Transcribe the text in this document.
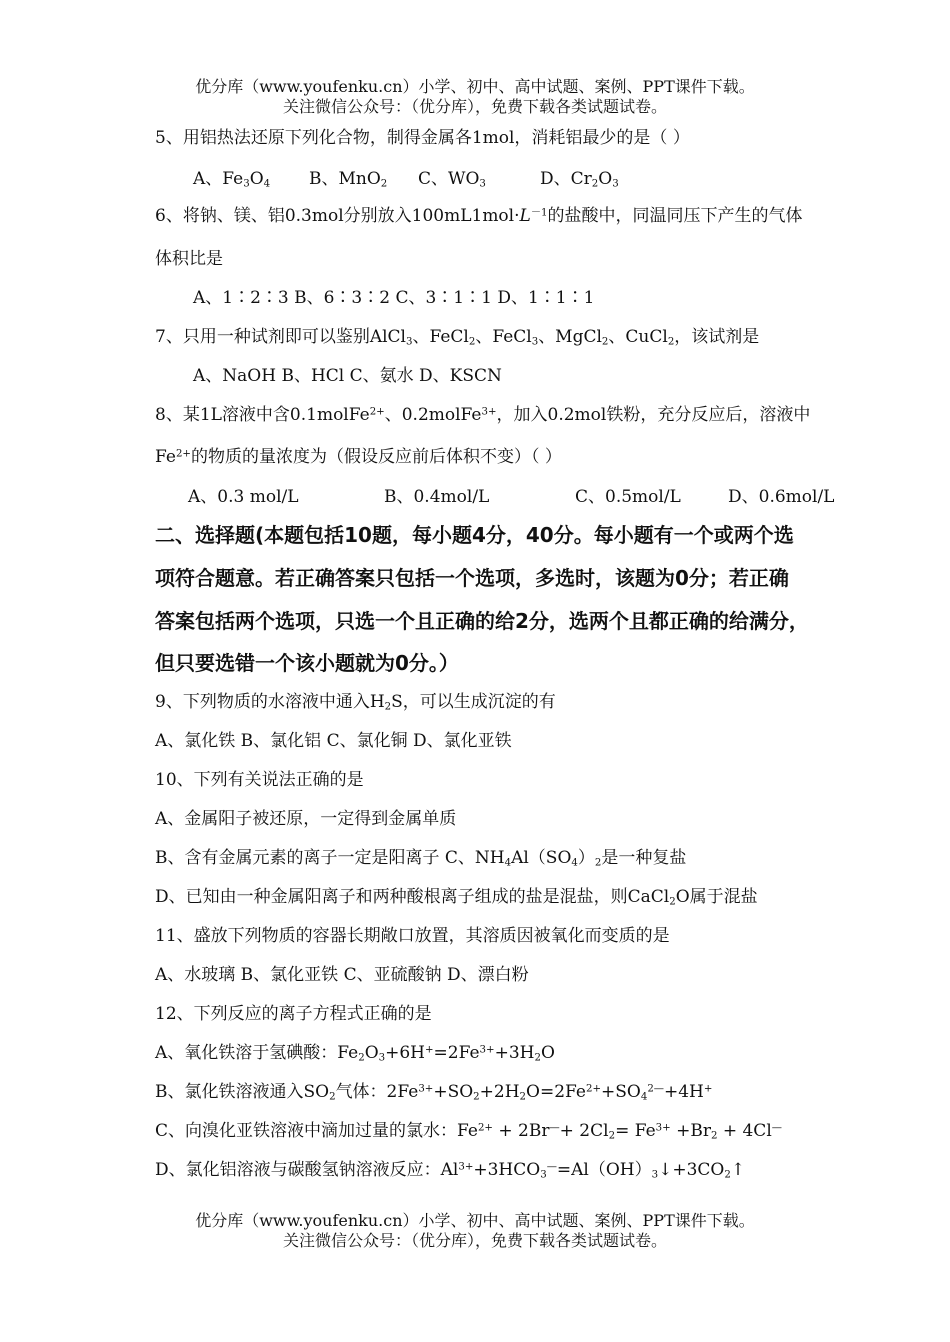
优分库（www.youfenku.cn）小学、初中、高中试题、案例、PPT课件下载。
关注微信公众号：（优分库），免费下载各类试题试卷。
5、用铝热法还原下列化合物，制得金属各1mol，消耗铝最少的是（ ）
A、$Fe_3O_4$ B、MnO$_2$ C、$WO_3$	D、$Cr_2O_3$
6、将钠、镁、铝0.3mol分别放入$100mL1mol\cdot L^{-1}$的盐酸中，同温同压下产生的气体
体积比是
A、1∶2∶3 B、6∶3∶2 C、3∶1∶1 D、1∶1∶1
7、只用一种试剂即可以鉴别AlCl$_3$、FeCl$_2$、FeCl$_3$、MgCl$_2$、CuCl$_2$，该试剂是
A、NaOH B、HCl C、氨水 D、KSCN
8、某1L溶液中含0.1molFe$^{2+}$、0.2molFe$^{3+}$，加入0.2mol铁粉，充分反应后，溶液中
$Fe^{2+}$的物质的量浓度为（假设反应前后体积不变）（ ）
A、0.3 mol/L	B、0.4mol/L	C、0.5mol/L	D、0.6mol/L
二、选择题(本题包括10题，每小题4分，40分。每小题有一个或两个选
项符合题意。若正确答案只包括一个选项，多选时，该题为0分；若正确
答案包括两个选项，只选一个且正确的给2分，选两个且都正确的给满分，
但只要选错一个该小题就为0分。）
9、下列物质的水溶液中通入$H_2S$，可以生成沉淀的有
A、氯化铁 B、氯化铝 C、氯化铜 D、氯化亚铁
10、下列有关说法正确的是
A、金属阳子被还原，一定得到金属单质
B、含有金属元素的离子一定是阳离子 C、$NH_4Al(SO_4)_2$是一种复盐
D、已知由一种金属阳离子和两种酸根离子组成的盐是混盐，则CaCl$_2$O属于混盐
11、盛放下列物质的容器长期敞口放置，其溶质因被氧化而变质的是
A、水玻璃 B、氯化亚铁 C、亚硫酸钠 D、漂白粉
12、下列反应的离子方程式正确的是
A、氧化铁溶于氢碘酸：$Fe_2O_3+6H^+=2Fe^{3+}+3H_2O$
B、氯化铁溶液通入$SO_2$气体：$2Fe^{3+}+SO_2+2H_2O=2Fe^{2+}+SO_4^{2—}+4H^+$
C、向溴化亚铁溶液中滴加过量的氯水：$Fe^{2+} + 2Br^—+ 2Cl_2= Fe^{3+} +Br_2 + 4Cl^—$
D、氯化铝溶液与碳酸氢钠溶液反应：$Al^{3+}+3HCO_3^—=Al(OH)_3↓+3CO_2↑$
优分库（www.youfenku.cn）小学、初中、高中试题、案例、PPT课件下载。
关注微信公众号：（优分库），免费下载各类试题试卷。
